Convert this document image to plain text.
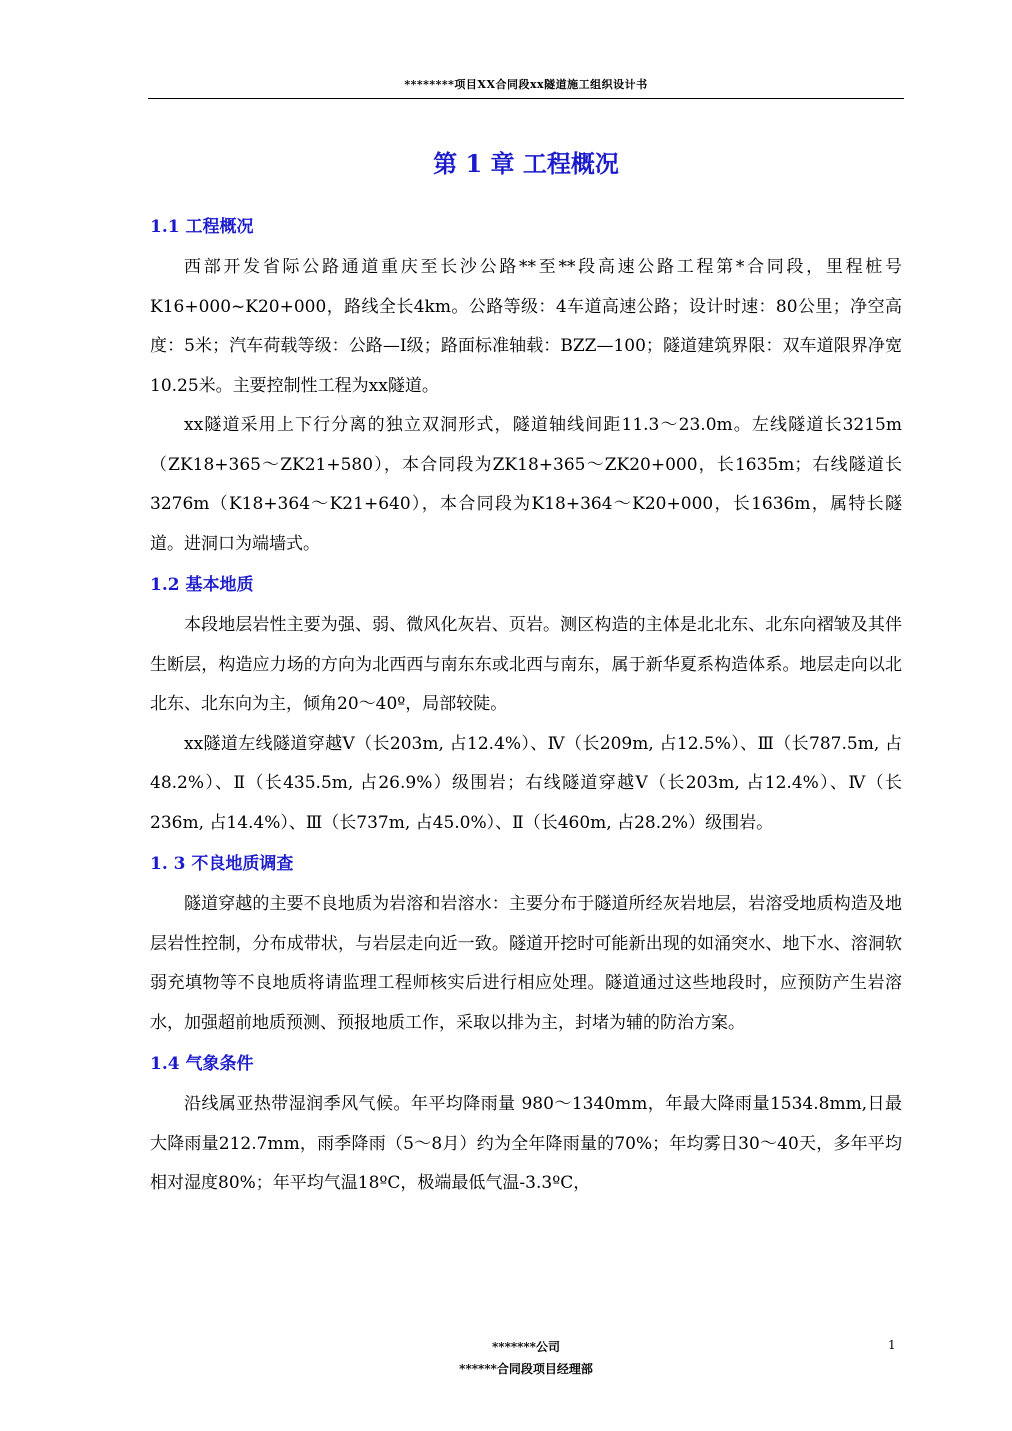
********项目XX合同段xx隧道施工组织设计书
第 1 章 工程概况
1.1 工程概况

西部开发省际公路通道重庆至长沙公路**至**段高速公路工程第*合同段，里程桩号K16+000~K20+000，路线全长4km。公路等级：4车道高速公路；设计时速：80公里；净空高度：5米；汽车荷载等级：公路—I级；路面标准轴载：BZZ—100；隧道建筑界限：双车道限界净宽10.25米。主要控制性工程为xx隧道。

xx隧道采用上下行分离的独立双洞形式，隧道轴线间距11.3～23.0m。左线隧道长3215m（ZK18+365～ZK21+580），本合同段为ZK18+365～ZK20+000，长1635m；右线隧道长3276m（K18+364～K21+640），本合同段为K18+364～K20+000，长1636m，属特长隧道。进洞口为端墙式。

1.2 基本地质

本段地层岩性主要为强、弱、微风化灰岩、页岩。测区构造的主体是北北东、北东向褶皱及其伴生断层，构造应力场的方向为北西西与南东东或北西与南东，属于新华夏系构造体系。地层走向以北北东、北东向为主，倾角20～40º，局部较陡。

xx隧道左线隧道穿越Ⅴ（长203m, 占12.4%）、Ⅳ（长209m, 占12.5%）、Ⅲ（长787.5m, 占48.2%）、Ⅱ（长435.5m, 占26.9%）级围岩；右线隧道穿越Ⅴ（长203m, 占12.4%）、Ⅳ（长236m, 占14.4%）、Ⅲ（长737m, 占45.0%）、Ⅱ（长460m, 占28.2%）级围岩。

1. 3 不良地质调查

隧道穿越的主要不良地质为岩溶和岩溶水：主要分布于隧道所经灰岩地层，岩溶受地质构造及地层岩性控制，分布成带状，与岩层走向近一致。隧道开挖时可能新出现的如涌突水、地下水、溶洞软弱充填物等不良地质将请监理工程师核实后进行相应处理。隧道通过这些地段时，应预防产生岩溶水，加强超前地质预测、预报地质工作，采取以排为主，封堵为辅的防治方案。

1.4 气象条件

沿线属亚热带湿润季风气候。年平均降雨量 980～1340mm，年最大降雨量1534.8mm,日最大降雨量212.7mm，雨季降雨（5～8月）约为全年降雨量的70%；年均雾日30～40天，多年平均相对湿度80%；年平均气温18ºC，极端最低气温-3.3ºC，

*******公司
******合同段项目经理部
1
